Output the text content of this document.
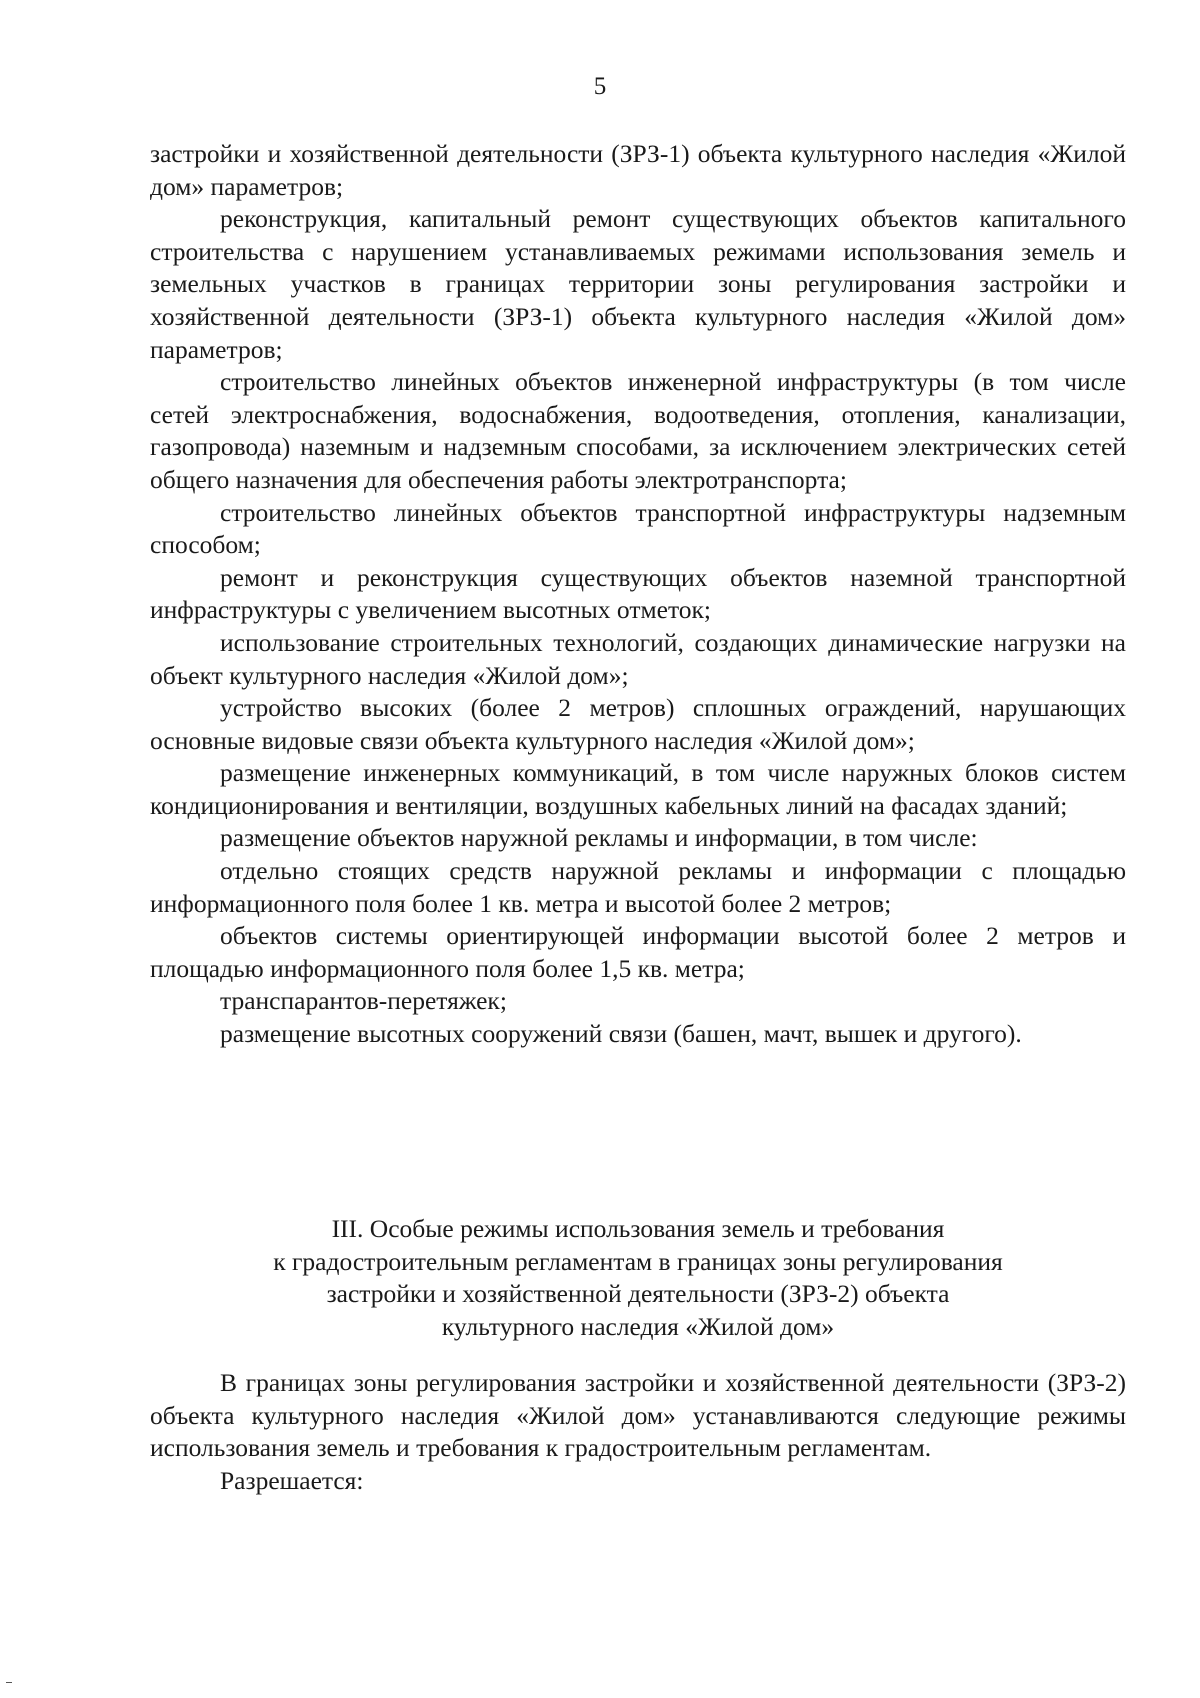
5

застройки и хозяйственной деятельности (ЗРЗ-1) объекта культурного наследия «Жилой дом» параметров;

реконструкция, капитальный ремонт существующих объектов капитального строительства с нарушением устанавливаемых режимами использования земель и земельных участков в границах территории зоны регулирования застройки и хозяйственной деятельности (ЗРЗ-1) объекта культурного наследия «Жилой дом» параметров;

строительство линейных объектов инженерной инфраструктуры (в том числе сетей электроснабжения, водоснабжения, водоотведения, отопления, канализации, газопровода) наземным и надземным способами, за исключением электрических сетей общего назначения для обеспечения работы электротранспорта;

строительство линейных объектов транспортной инфраструктуры надземным способом;

ремонт и реконструкция существующих объектов наземной транспортной инфраструктуры с увеличением высотных отметок;

использование строительных технологий, создающих динамические нагрузки на объект культурного наследия «Жилой дом»;

устройство высоких (более 2 метров) сплошных ограждений, нарушающих основные видовые связи объекта культурного наследия «Жилой дом»;

размещение инженерных коммуникаций, в том числе наружных блоков систем кондиционирования и вентиляции, воздушных кабельных линий на фасадах зданий;

размещение объектов наружной рекламы и информации, в том числе:

отдельно стоящих средств наружной рекламы и информации с площадью информационного поля более 1 кв. метра и высотой более 2 метров;

объектов системы ориентирующей информации высотой более 2 метров и площадью информационного поля более 1,5 кв. метра;

транспарантов-перетяжек;

размещение высотных сооружений связи (башен, мачт, вышек и другого).

III. Особые режимы использования земель и требования
к градостроительным регламентам в границах зоны регулирования
застройки и хозяйственной деятельности (ЗРЗ-2) объекта
культурного наследия «Жилой дом»

В границах зоны регулирования застройки и хозяйственной деятельности (ЗРЗ-2) объекта культурного наследия «Жилой дом» устанавливаются следующие режимы использования земель и требования к градостроительным регламентам.

Разрешается:
